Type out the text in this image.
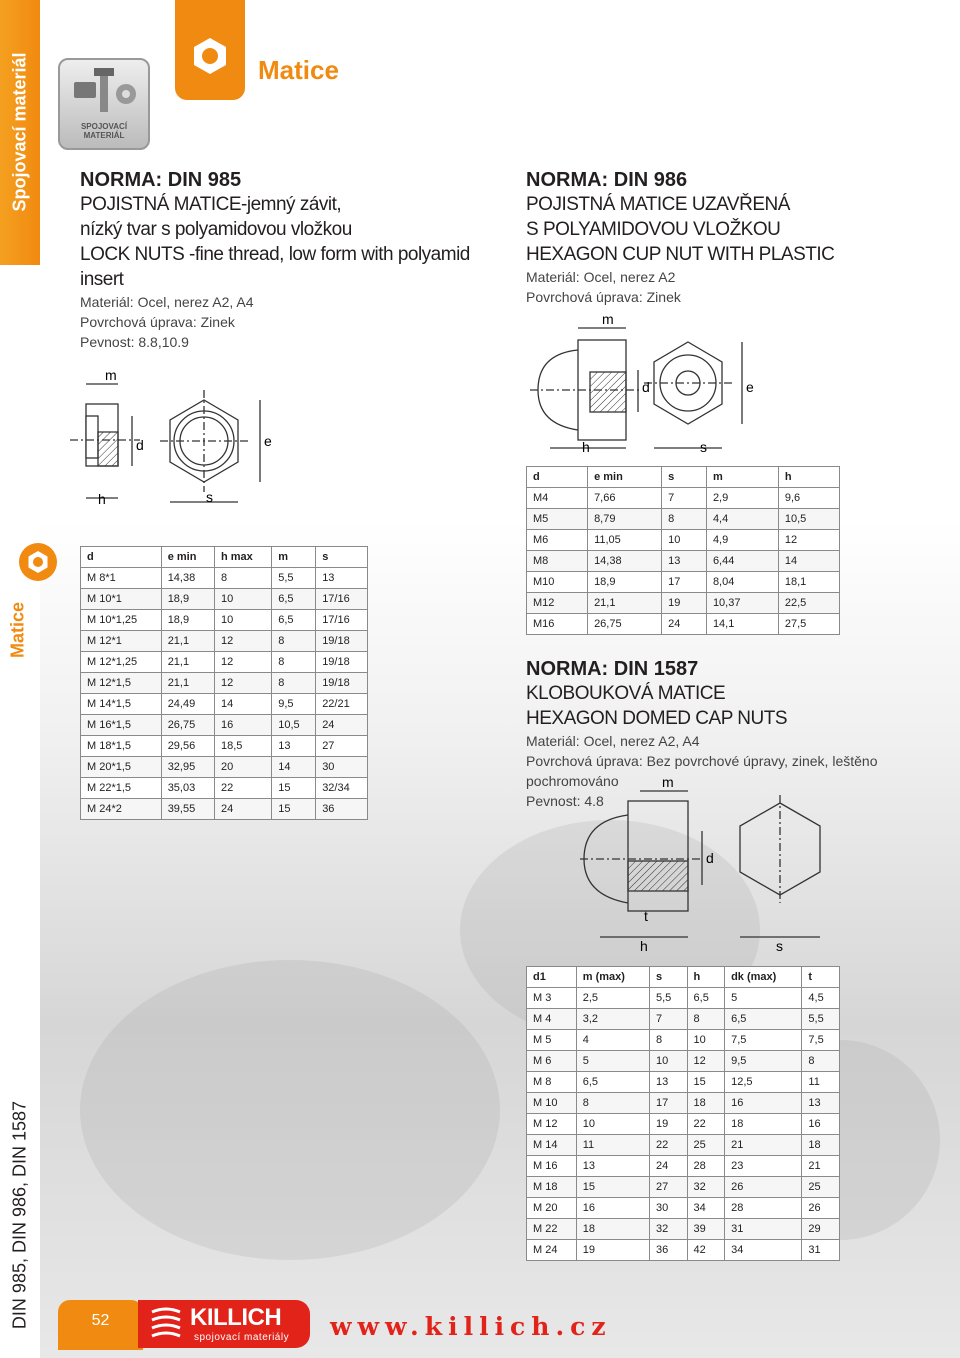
Spojovací materiál
Matice
DIN 985, DIN 986, DIN 1587
Matice
SPOJOVACÍ
MATERIÁL

NORMA: DIN 985

POJISTNÁ MATICE-jemný závit,

nízký tvar s polyamidovou vložkou

LOCK NUTS -fine thread, low form with polyamid

insert

Materiál: Ocel, nerez A2, A4

Povrchová úprava: Zinek

Pevnost: 8.8,10.9

m
d
h	s
e
d	e min	h max	m	s
M 8*1	14,38	8	5,5	13
M 10*1	18,9	10	6,5	17/16
M 10*1,25	18,9	10	6,5	17/16
M 12*1	21,1	12	8	19/18
M 12*1,25	21,1	12	8	19/18
M 12*1,5	21,1	12	8	19/18
M 14*1,5	24,49	14	9,5	22/21
M 16*1,5	26,75	16	10,5	24
M 18*1,5	29,56	18,5	13	27
M 20*1,5	32,95	20	14	30
M 22*1,5	35,03	22	15	32/34
M 24*2	39,55	24	15	36

NORMA: DIN 986

POJISTNÁ MATICE UZAVŘENÁ

S POLYAMIDOVOU VLOŽKOU

HEXAGON CUP NUT WITH PLASTIC

Materiál: Ocel, nerez A2

Povrchová úprava: Zinek

m
d
h	s
e
d	e min	s	m	h
M4	7,66	7	2,9	9,6
M5	8,79	8	4,4	10,5
M6	11,05	10	4,9	12
M8	14,38	13	6,44	14
M10	18,9	17	8,04	18,1
M12	21,1	19	10,37	22,5
M16	26,75	24	14,1	27,5

NORMA: DIN 1587

KLOBOUKOVÁ MATICE

HEXAGON DOMED CAP NUTS

Materiál: Ocel, nerez A2, A4

Povrchová úprava: Bez povrchové úpravy, zinek, leštěno

pochromováno

Pevnost: 4.8

m
d
t
h	s
d1	m (max)	s	h	dk (max)	t
M 3	2,5	5,5	6,5	5	4,5
M 4	3,2	7	8	6,5	5,5
M 5	4	8	10	7,5	7,5
M 6	5	10	12	9,5	8
M 8	6,5	13	15	12,5	11
M 10	8	17	18	16	13
M 12	10	19	22	18	16
M 14	11	22	25	21	18
M 16	13	24	28	23	21
M 18	15	27	32	26	25
M 20	16	30	34	28	26
M 22	18	32	39	31	29
M 24	19	36	42	34	31
52	KILLICH
spojovací materiály www.killich.cz
